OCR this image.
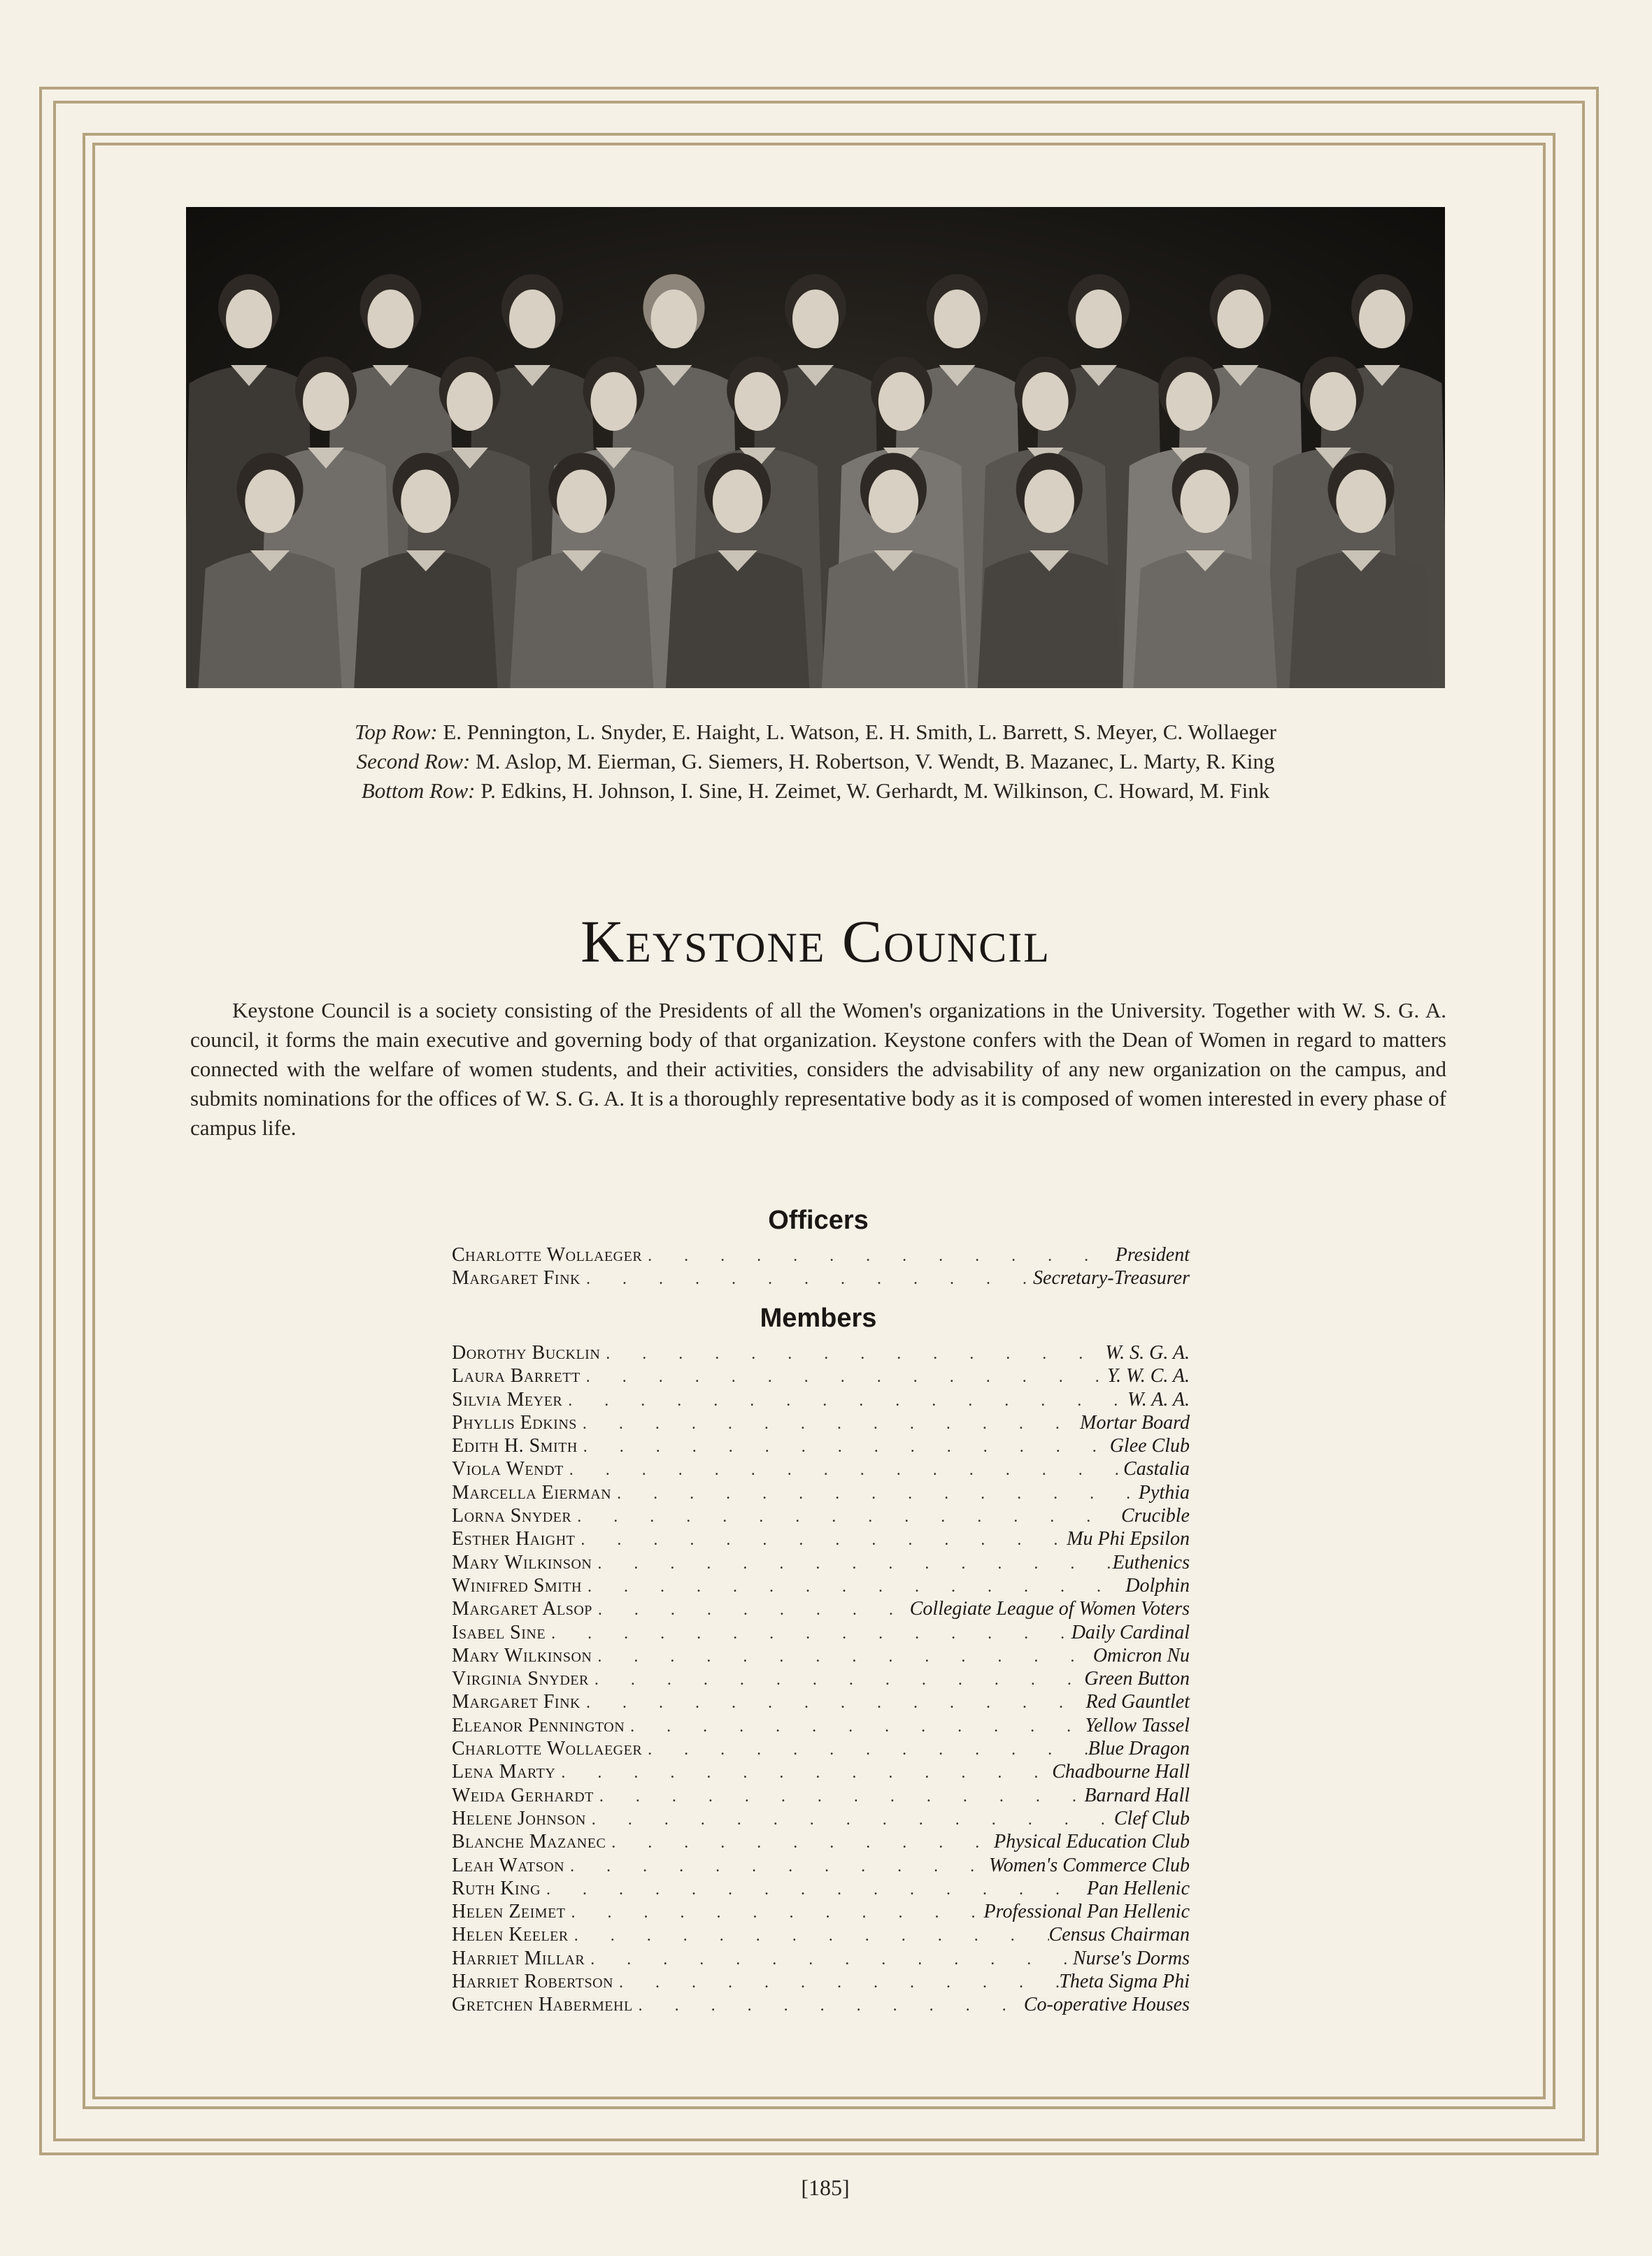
Top Row: E. Pennington, L. Snyder, E. Haight, L. Watson, E. H. Smith, L. Barrett, S. Meyer, C. Wollaeger
Second Row: M. Aslop, M. Eierman, G. Siemers, H. Robertson, V. Wendt, B. Mazanec, L. Marty, R. King
Bottom Row: P. Edkins, H. Johnson, I. Sine, H. Zeimet, W. Gerhardt, M. Wilkinson, C. Howard, M. Fink
Keystone Council
Keystone Council is a society consisting of the Presidents of all the Women's organizations in the University. Together with W. S. G. A. council, it forms the main executive and governing body of that organization. Keystone confers with the Dean of Women in regard to matters connected with the welfare of women students, and their activities, considers the advisability of any new organization on the campus, and submits nominations for the offices of W. S. G. A. It is a thoroughly representative body as it is composed of women interested in every phase of campus life.
Officers
Charlotte Wollaeger . . .	President
Margaret Fink . . .	Secretary-Treasurer
Members
Dorothy Bucklin . . .	W. S. G. A.
Laura Barrett . . .	Y. W. C. A.
Silvia Meyer . . .	W. A. A.
Phyllis Edkins . . .	Mortar Board
Edith H. Smith . . .	Glee Club
Viola Wendt . . .	Castalia
Marcella Eierman . . .	Pythia
Lorna Snyder . . .	Crucible
Esther Haight . . .	Mu Phi Epsilon
Mary Wilkinson . . .	Euthenics
Winifred Smith . . .	Dolphin
Margaret Alsop . . .	Collegiate League of Women Voters
Isabel Sine . . .	Daily Cardinal
Mary Wilkinson . . .	Omicron Nu
Virginia Snyder . . .	Green Button
Margaret Fink . . .	Red Gauntlet
Eleanor Pennington . . .	Yellow Tassel
Charlotte Wollaeger . . .	Blue Dragon
Lena Marty . . .	Chadbourne Hall
Weida Gerhardt . . .	Barnard Hall
Helene Johnson . . .	Clef Club
Blanche Mazanec . . .	Physical Education Club
Leah Watson . . .	Women's Commerce Club
Ruth King . . .	Pan Hellenic
Helen Zeimet . . .	Professional Pan Hellenic
Helen Keeler . . .	Census Chairman
Harriet Millar . . .	Nurse's Dorms
Harriet Robertson . . .	Theta Sigma Phi
Gretchen Habermehl . . .	Co-operative Houses
[185]
